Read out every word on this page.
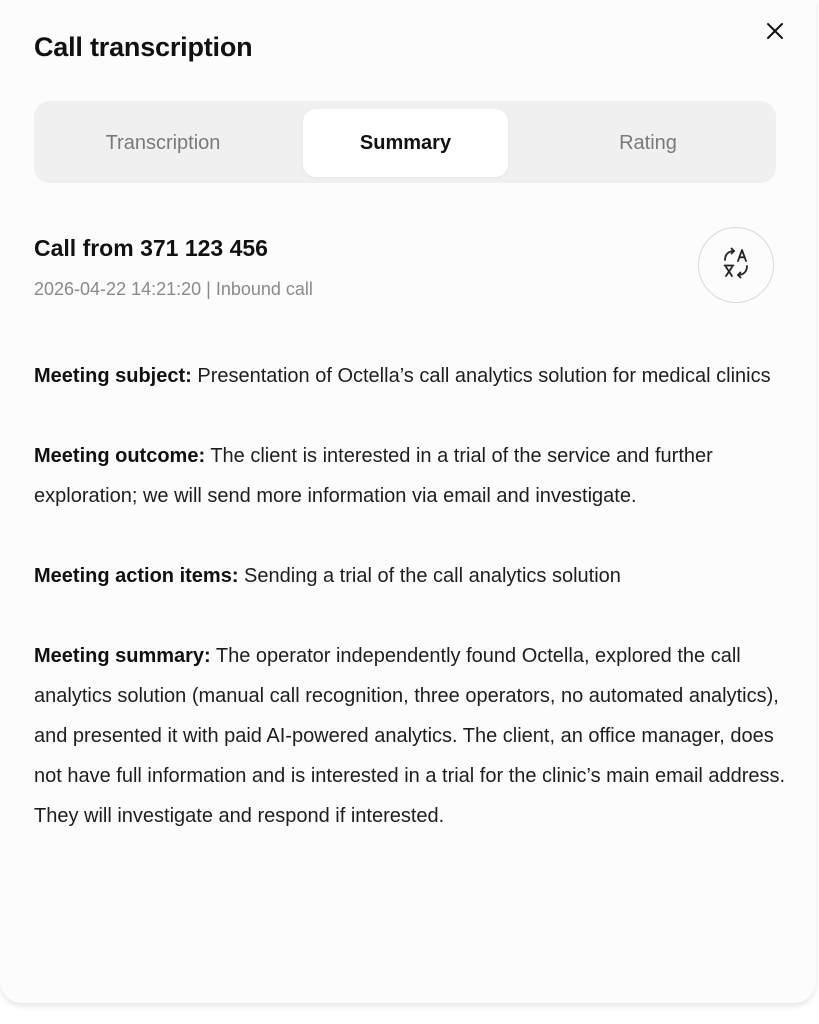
Call transcription
Transcription	Summary	Rating
Call from 371 123 456
2026-04-22 14:21:20 | Inbound call

Meeting subject: Presentation of Octella’s call analytics solution for medical clinics

Meeting outcome: The client is interested in a trial of the service and further exploration; we will send more information via email and investigate.

Meeting action items: Sending a trial of the call analytics solution

Meeting summary: The operator independently found Octella, explored the call analytics solution (manual call recognition, three operators, no automated analytics), and presented it with paid AI-powered analytics. The client, an office manager, does not have full information and is interested in a trial for the clinic’s main email address. They will investigate and respond if interested.
